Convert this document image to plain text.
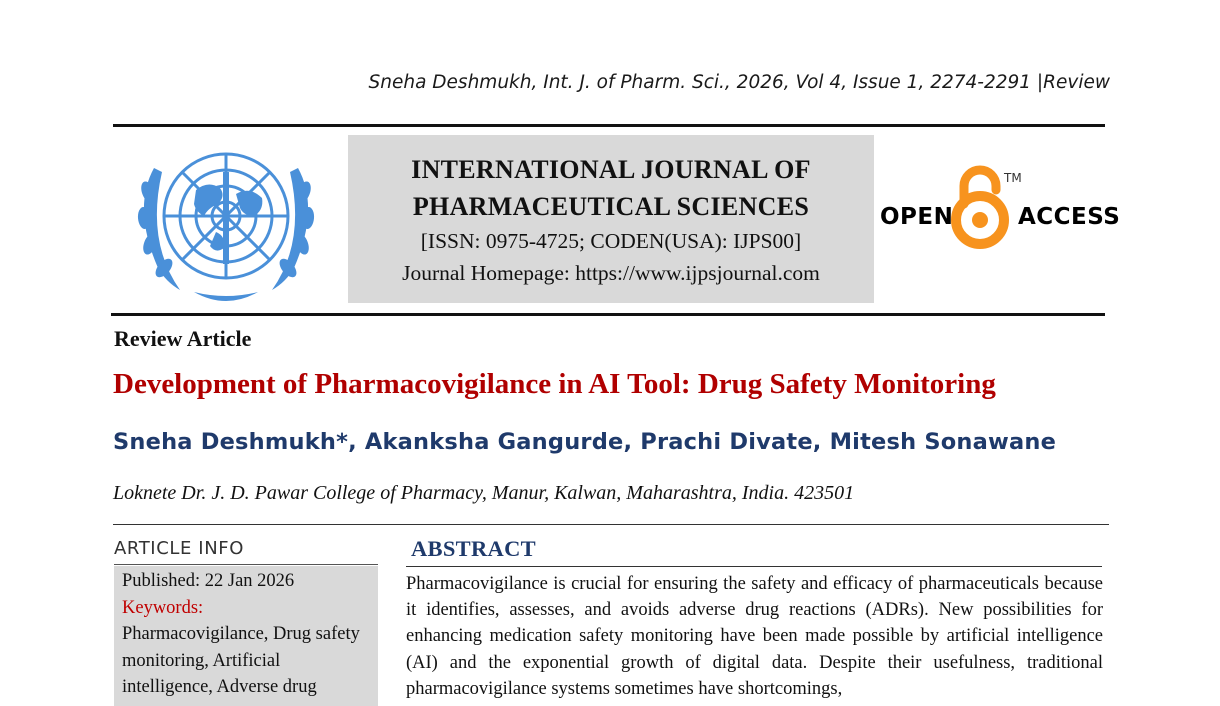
Sneha Deshmukh, Int. J. of Pharm. Sci., 2026, Vol 4, Issue 1, 2274-2291 |Review
INTERNATIONAL JOURNAL OF
PHARMACEUTICAL SCIENCES
[ISSN: 0975-4725; CODEN(USA): IJPS00]
Journal Homepage: https://www.ijpsjournal.com
OPEN	ACCESS
TM
Review Article
Development of Pharmacovigilance in AI Tool: Drug Safety Monitoring
Sneha Deshmukh*, Akanksha Gangurde, Prachi Divate, Mitesh Sonawane
Loknete Dr. J. D. Pawar College of Pharmacy, Manur, Kalwan, Maharashtra, India. 423501
ARTICLE INFO
Published: 22 Jan 2026
Keywords:
Pharmacovigilance, Drug safety monitoring, Artificial intelligence, Adverse drug
ABSTRACT
Pharmacovigilance is crucial for ensuring the safety and efficacy of pharmaceuticals because it identifies, assesses, and avoids adverse drug reactions (ADRs). New possibilities for enhancing medication safety monitoring have been made possible by artificial intelligence (AI) and the exponential growth of digital data. Despite their usefulness, traditional pharmacovigilance systems sometimes have shortcomings,
